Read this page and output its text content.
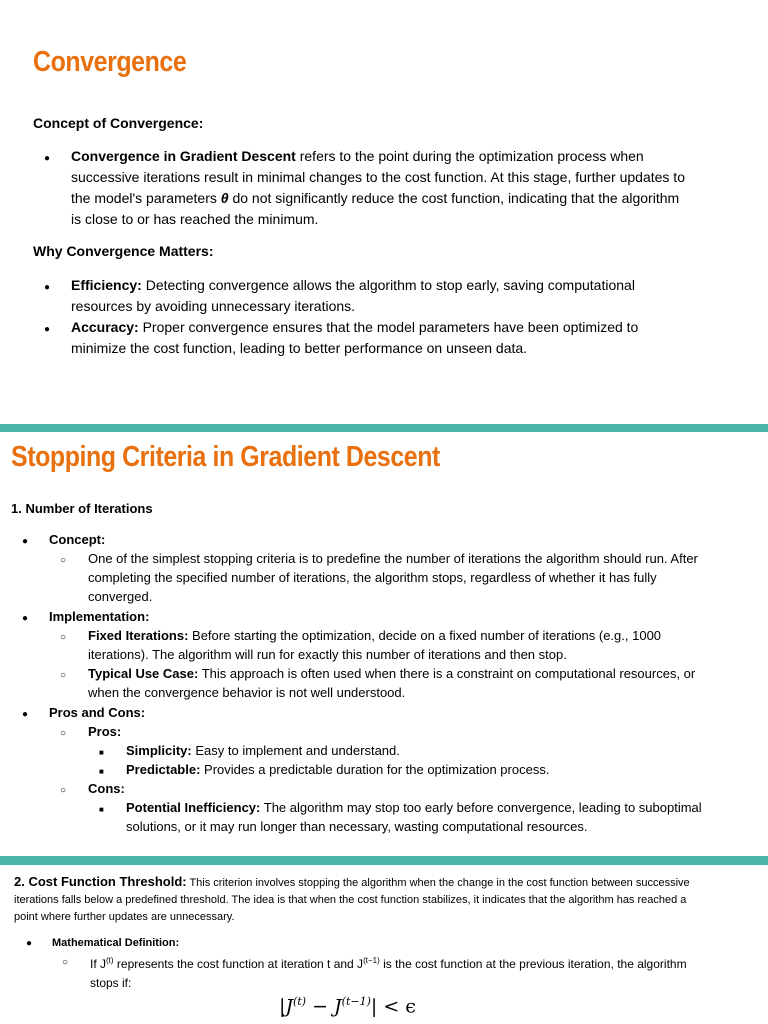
Convergence
Concept of Convergence:
●
Convergence in Gradient Descent refers to the point during the optimization process when
successive iterations result in minimal changes to the cost function. At this stage, further updates to
the model's parameters θ do not significantly reduce the cost function, indicating that the algorithm
is close to or has reached the minimum.
Why Convergence Matters:
●
Efficiency: Detecting convergence allows the algorithm to stop early, saving computational
resources by avoiding unnecessary iterations.
●
Accuracy: Proper convergence ensures that the model parameters have been optimized to
minimize the cost function, leading to better performance on unseen data.
Stopping Criteria in Gradient Descent
1. Number of Iterations
●
Concept:
○
One of the simplest stopping criteria is to predefine the number of iterations the algorithm should run. After
completing the specified number of iterations, the algorithm stops, regardless of whether it has fully
converged.
●
Implementation:
○
Fixed Iterations: Before starting the optimization, decide on a fixed number of iterations (e.g., 1000
iterations). The algorithm will run for exactly this number of iterations and then stop.
○
Typical Use Case: This approach is often used when there is a constraint on computational resources, or
when the convergence behavior is not well understood.
●
Pros and Cons:
○
Pros:
■
Simplicity: Easy to implement and understand.
■
Predictable: Provides a predictable duration for the optimization process.
○
Cons:
■
Potential Inefficiency: The algorithm may stop too early before convergence, leading to suboptimal
solutions, or it may run longer than necessary, wasting computational resources.
2. Cost Function Threshold: This criterion involves stopping the algorithm when the change in the cost function between successive
iterations falls below a predefined threshold. The idea is that when the cost function stabilizes, it indicates that the algorithm has reached a
point where further updates are unnecessary.
●
Mathematical Definition:
○
If $J^{(t)}$ represents the cost function at iteration t and $J^{(t-1)}$ is the cost function at the previous iteration, the algorithm
stops if:
$|J^{(t)} - J^{(t-1)}| < \epsilon$
